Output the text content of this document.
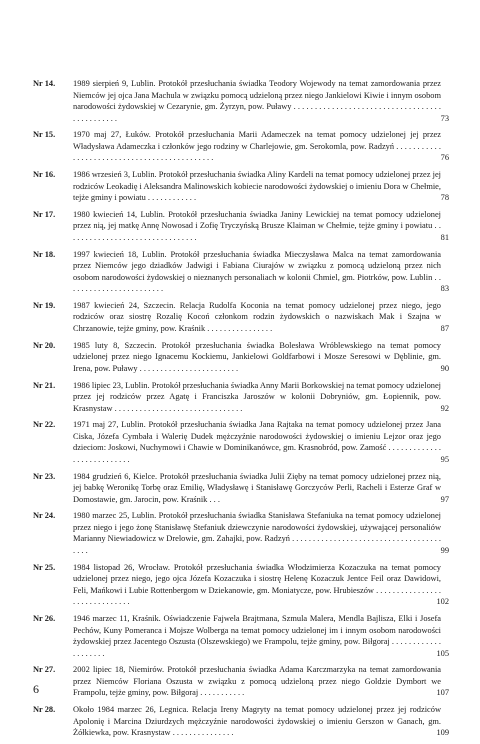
Nr 14.	1989 sierpień 9, Lublin. Protokół przesłuchania świadka Teodory Wojewody na temat zamordowania przez Niemców jej ojca Jana Machula w związku pomocą udzieloną przez niego Jankielowi Kiwie i innym osobom narodowości żydowskiej w Cezarynie, gm. Żyrzyn, pow. Puławy . . . . . . . . . . . . . . . . . . . . . . . . . . . . . . . . . . . . . . . . . . . . . .	73
Nr 15.	1970 maj 27, Łuków. Protokół przesłuchania Marii Adameczek na temat pomocy udzielonej jej przez Władysława Adameczka i członków jego rodziny w Charlejowie, gm. Serokomla, pow. Radzyń . . . . . . . . . . . . . . . . . . . . . . . . . . . . . . . . . . . . . . . . . . . . .	76
Nr 16.	1986 wrzesień 3, Lublin. Protokół przesłuchania świadka Aliny Kardeli na temat pomocy udzielonej przez jej rodziców Leokadię i Aleksandra Malinowskich kobiecie narodowości żydowskiej o imieniu Dora w Chełmie, tejże gminy i powiatu . . . . . . . . . . . .	78
Nr 17.	1980 kwiecień 14, Lublin. Protokół przesłuchania świadka Janiny Lewickiej na temat pomocy udzielonej przez nią, jej matkę Annę Nowosad i Zofię Tryczyńską Brusze Klaiman w Chełmie, tejże gminy i powiatu . . . . . . . . . . . . . . . . . . . . . . . . . . . . . . . .	81
Nr 18.	1997 kwiecień 18, Lublin. Protokół przesłuchania świadka Mieczysława Malca na temat zamordowania przez Niemców jego dziadków Jadwigi i Fabiana Ciurajów w związku z pomocą udzieloną przez nich osobom narodowości żydowskiej o nieznanych personaliach w kolonii Chmiel, gm. Piotrków, pow. Lublin . . . . . . . . . . . . . . . . . . . . . . . .	83
Nr 19.	1987 kwiecień 24, Szczecin. Relacja Rudolfa Koconia na temat pomocy udzielonej przez niego, jego rodziców oraz siostrę Rozalię Kocoń członkom rodzin żydowskich o nazwiskach Mak i Szajna w Chrzanowie, tejże gminy, pow. Kraśnik . . . . . . . . . . . . . . . .	87
Nr 20.	1985 luty 8, Szczecin. Protokół przesłuchania świadka Bolesława Wróblewskiego na temat pomocy udzielonej przez niego Ignacemu Kockiemu, Jankielowi Goldfarbowi i Mosze Seresowi w Dęblinie, gm. Irena, pow. Puławy . . . . . . . . . . . . . . . . . . . . . . . .	90
Nr 21.	1986 lipiec 23, Lublin. Protokół przesłuchania świadka Anny Marii Borkowskiej na temat pomocy udzielonej przez jej rodziców przez Agatę i Franciszka Jaroszów w kolonii Dobryniów, gm. Łopiennik, pow. Krasnystaw . . . . . . . . . . . . . . . . . . . . . . . . . . . . . . .	92
Nr 22.	1971 maj 27, Lublin. Protokół przesłuchania świadka Jana Rajtaka na temat pomocy udzielonej przez Jana Ciska, Józefa Cymbała i Walerię Dudek mężczyźnie narodowości żydowskiej o imieniu Lejzor oraz jego dzieciom: Joskowi, Nuchymowi i Chawie w Dominikanówce, gm. Krasnobród, pow. Zamość . . . . . . . . . . . . . . . . . . . . . . . . . . .	95
Nr 23.	1984 grudzień 6, Kielce. Protokół przesłuchania świadka Julii Zięby na temat pomocy udzielonej przez nią, jej babkę Weronikę Torbę oraz Emilię, Władysławę i Stanisławę Gorczyców Perli, Racheli i Esterze Graf w Domostawie, gm. Jarocin, pow. Kraśnik . . .	97
Nr 24.	1980 marzec 25, Lublin. Protokół przesłuchania świadka Stanisława Stefaniuka na temat pomocy udzielonej przez niego i jego żonę Stanisławę Stefaniuk dziewczynie narodowości żydowskiej, używającej personaliów Marianny Niewiadowicz w Drelowie, gm. Zahajki, pow. Radzyń . . . . . . . . . . . . . . . . . . . . . . . . . . . . . . . . . . . . . . . .	99
Nr 25.	1984 listopad 26, Wrocław. Protokół przesłuchania świadka Włodzimierza Kozaczuka na temat pomocy udzielonej przez niego, jego ojca Józefa Kozaczuka i siostrę Helenę Kozaczuk Jentce Feil oraz Dawidowi, Feli, Mańkowi i Lubie Rottenbergom w Dziekanowie, gm. Moniatycze, pow. Hrubieszów . . . . . . . . . . . . . . . . . . . . . . . . . . . . . .	102
Nr 26.	1946 marzec 11, Kraśnik. Oświadczenie Fajwela Brajtmana, Szmula Malera, Mendla Bajlisza, Elki i Josefa Pechów, Kuny Pomeranca i Mojsze Wolberga na temat pomocy udzielonej im i innym osobom narodowości żydowskiej przez Jacentego Oszusta (Olszewskiego) we Frampolu, tejże gminy, pow. Biłgoraj . . . . . . . . . . . . . . . . . . . .	105
Nr 27.	2002 lipiec 18, Niemirów. Protokół przesłuchania świadka Adama Karczmarzyka na temat zamordowania przez Niemców Floriana Oszusta w związku z pomocą udzieloną przez niego Goldzie Dymbort we Frampolu, tejże gminy, pow. Biłgoraj . . . . . . . . . . .	107
Nr 28.	Około 1984 marzec 26, Legnica. Relacja Ireny Magryty na temat pomocy udzielonej przez jej rodziców Apolonię i Marcina Dziurdzych mężczyźnie narodowości żydowskiej o imieniu Gerszon w Ganach, gm. Żółkiewka, pow. Krasnystaw . . . . . . . . . . . . . . .	109
6
